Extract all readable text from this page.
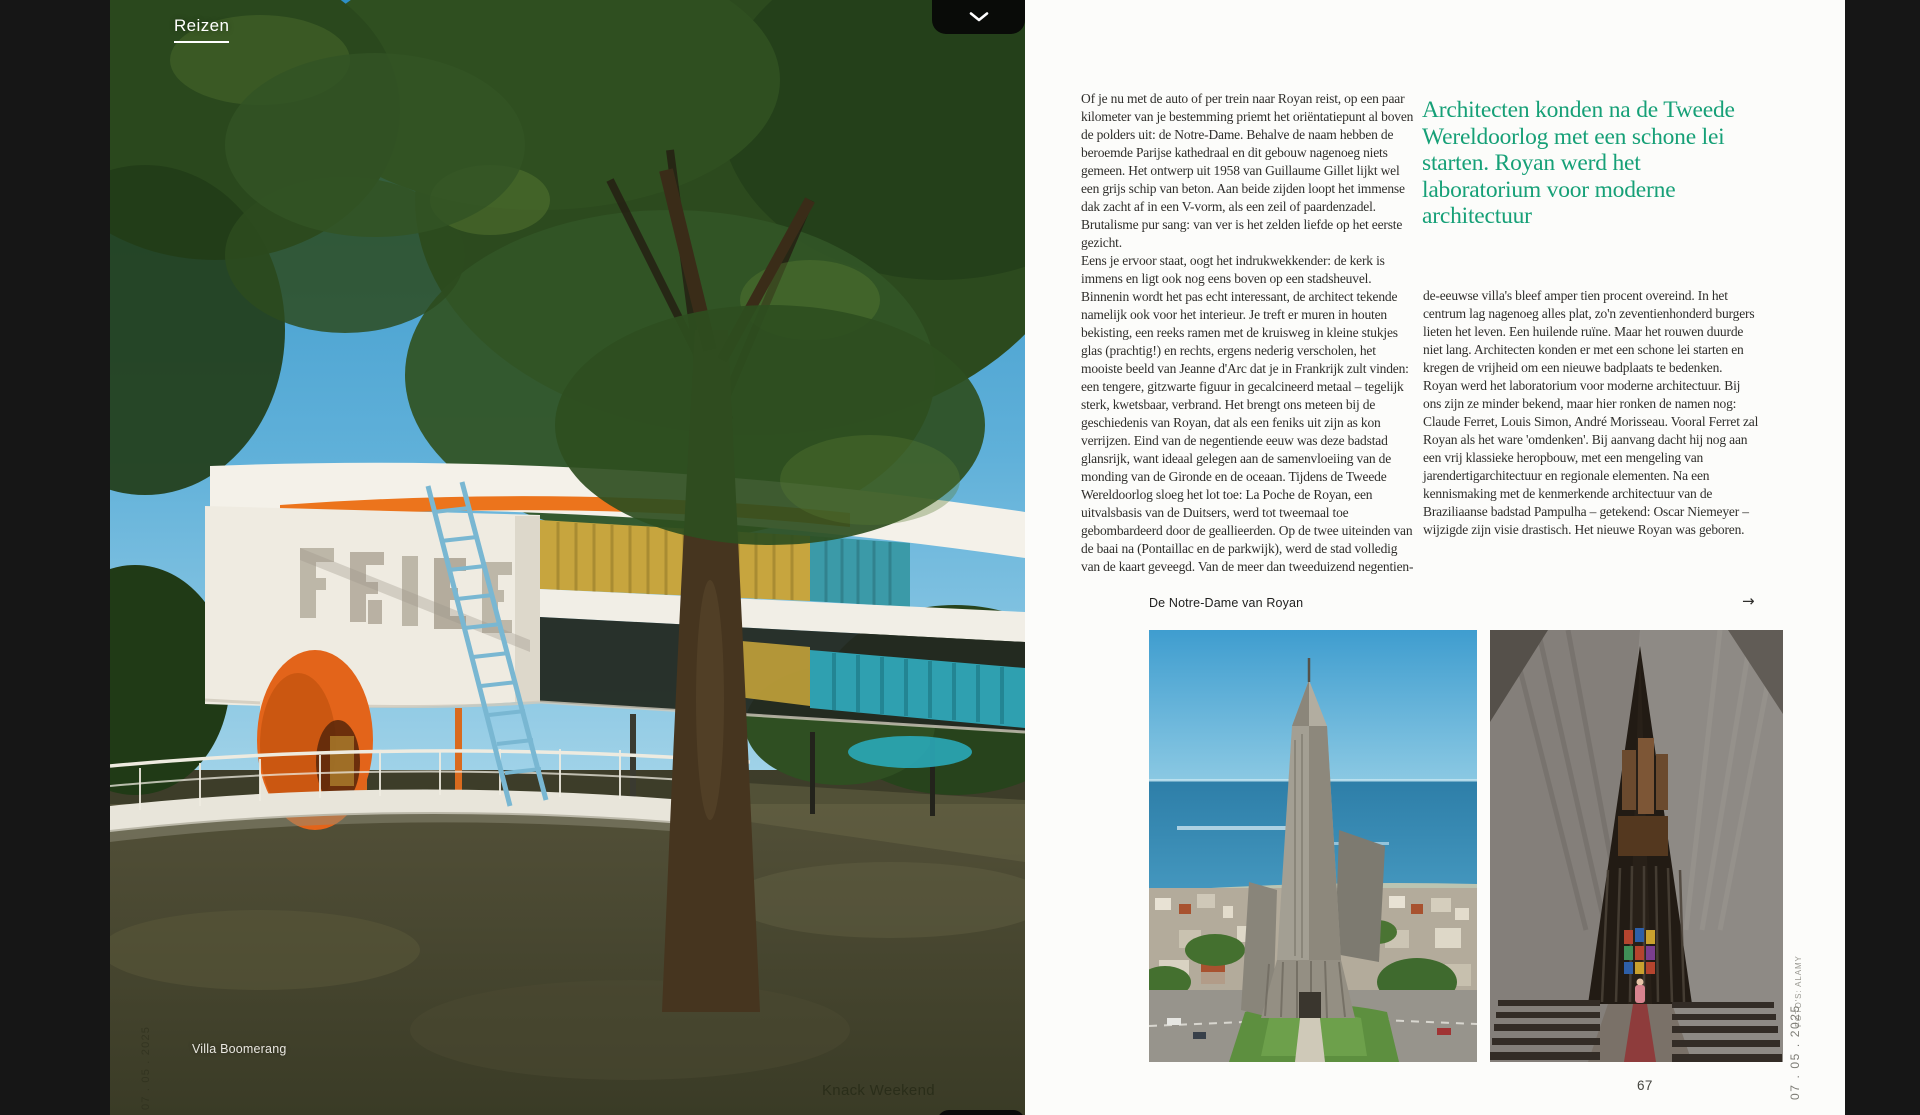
Reizen
Villa Boomerang
Knack Weekend
07 . 05 . 2025

Of je nu met de auto of per trein naar Royan reist, op een paar kilometer van je bestemming priemt het oriëntatiepunt al boven de polders uit: de Notre-Dame. Behalve de naam hebben de beroemde Parijse kathedraal en dit gebouw nagenoeg niets gemeen. Het ontwerp uit 1958 van Guillaume Gillet lijkt wel een grijs schip van beton. Aan beide zijden loopt het immense dak zacht af in een V-vorm, als een zeil of paardenzadel. Brutalisme pur sang: van ver is het zelden liefde op het eerste gezicht.

Eens je ervoor staat, oogt het indrukwekkender: de kerk is immens en ligt ook nog eens boven op een stadsheuvel. Binnenin wordt het pas echt interessant, de architect tekende namelijk ook voor het interieur. Je treft er muren in houten bekisting, een reeks ramen met de kruisweg in kleine stukjes glas (prachtig!) en rechts, ergens nederig verscholen, het mooiste beeld van Jeanne d'Arc dat je in Frankrijk zult vinden: een tengere, gitzwarte figuur in gecalcineerd metaal – tegelijk sterk, kwetsbaar, verbrand. Het brengt ons meteen bij de geschiedenis van Royan, dat als een feniks uit zijn as kon verrijzen. Eind van de negentiende eeuw was deze badstad glansrijk, want ideaal gelegen aan de samenvloeiing van de monding van de Gironde en de oceaan. Tijdens de Tweede Wereldoorlog sloeg het lot toe: La Poche de Royan, een uitvalsbasis van de Duitsers, werd tot tweemaal toe gebombardeerd door de geallieerden. Op de twee uiteinden van de baai na (Pontaillac en de parkwijk), werd de stad volledig van de kaart geveegd. Van de meer dan tweeduizend negentien-

Architecten konden na de Tweede Wereldoorlog met een schone lei starten. Royan werd het laboratorium voor moderne architectuur

de-eeuwse villa's bleef amper tien procent overeind. In het centrum lag nagenoeg alles plat, zo'n zeventienhonderd burgers lieten het leven. Een huilende ruïne. Maar het rouwen duurde niet lang. Architecten konden er met een schone lei starten en kregen de vrijheid om een nieuwe badplaats te bedenken. Royan werd het laboratorium voor moderne architectuur. Bij ons zijn ze minder bekend, maar hier ronken de namen nog: Claude Ferret, Louis Simon, André Morisseau. Vooral Ferret zal Royan als het ware 'omdenken'. Bij aanvang dacht hij nog aan een vrij klassieke heropbouw, met een mengeling van jarendertigarchitectuur en regionale elementen. Na een kennismaking met de kenmerkende architectuur van de Braziliaanse badstad Pampulha – getekend: Oscar Niemeyer – wijzigde zijn visie drastisch. Het nieuwe Royan was geboren.

→
De Notre-Dame van Royan
67
FOTO'S: ALAMY
07 . 05 . 2025
